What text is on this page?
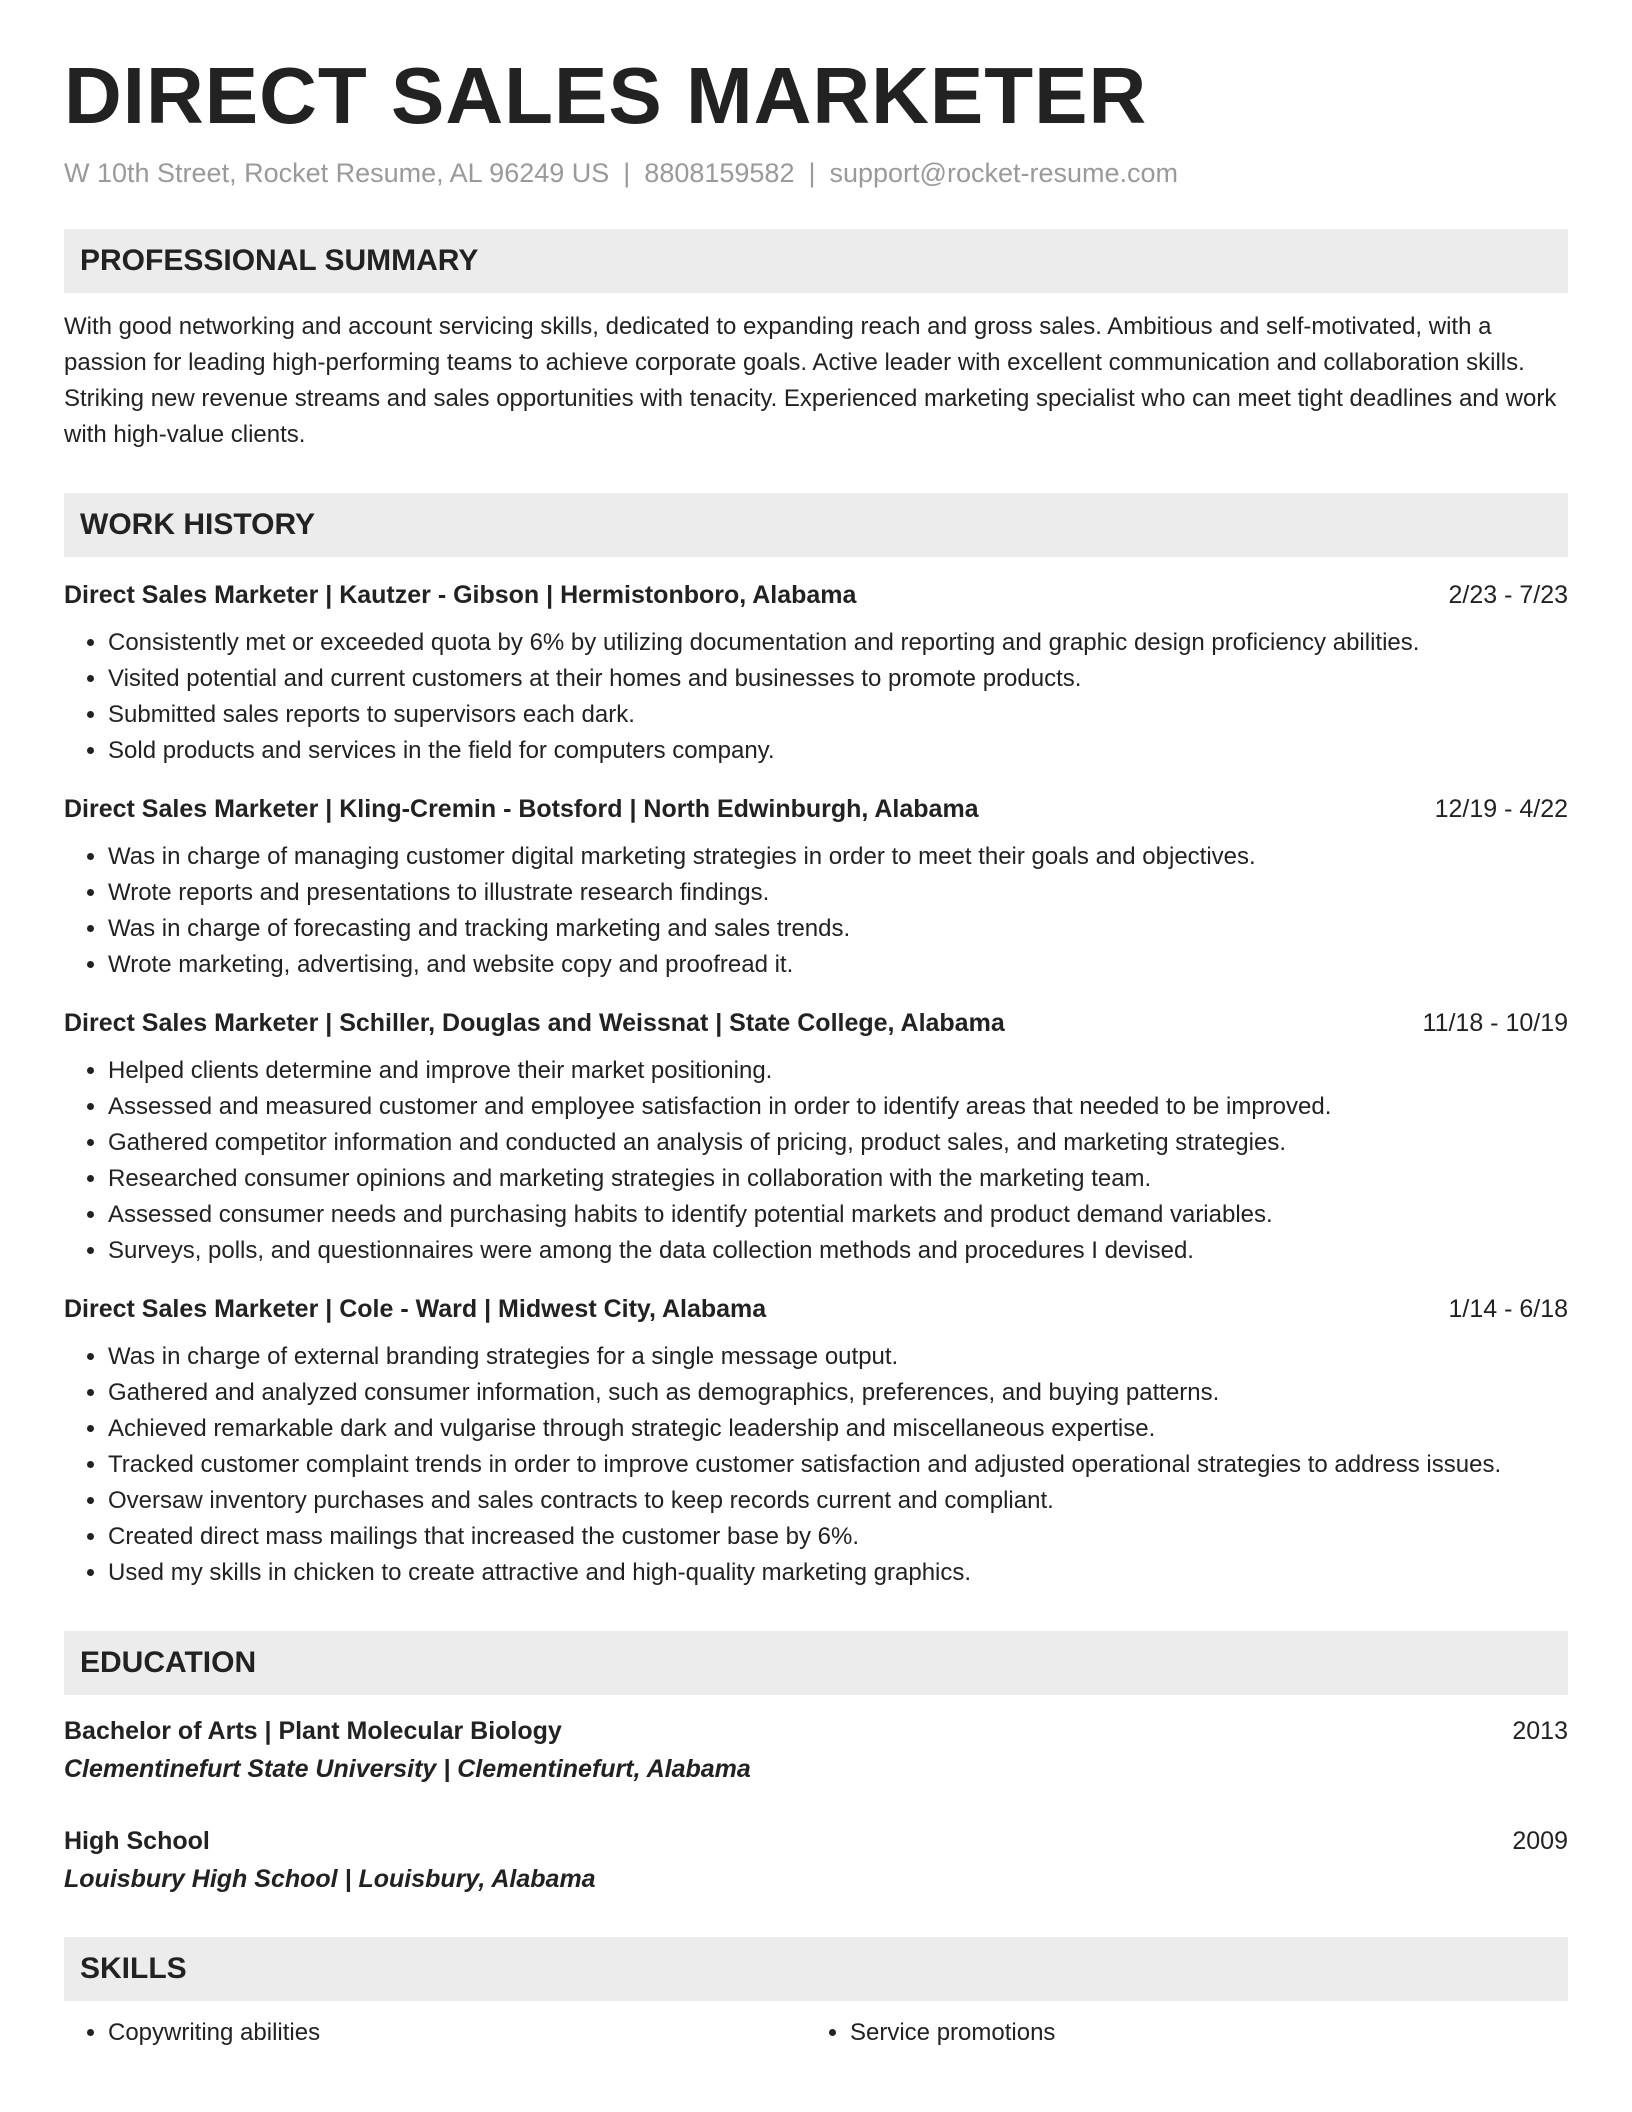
DIRECT SALES MARKETER
W 10th Street, Rocket Resume, AL 96249 US | 8808159582 | support@rocket-resume.com
PROFESSIONAL SUMMARY
With good networking and account servicing skills, dedicated to expanding reach and gross sales. Ambitious and self-motivated, with a passion for leading high-performing teams to achieve corporate goals. Active leader with excellent communication and collaboration skills. Striking new revenue streams and sales opportunities with tenacity. Experienced marketing specialist who can meet tight deadlines and work with high-value clients.
WORK HISTORY
Direct Sales Marketer | Kautzer - Gibson | Hermistonboro, Alabama	2/23 - 7/23
• Consistently met or exceeded quota by 6% by utilizing documentation and reporting and graphic design proficiency abilities.
• Visited potential and current customers at their homes and businesses to promote products.
• Submitted sales reports to supervisors each dark.
• Sold products and services in the field for computers company.
Direct Sales Marketer | Kling-Cremin - Botsford | North Edwinburgh, Alabama	12/19 - 4/22
• Was in charge of managing customer digital marketing strategies in order to meet their goals and objectives.
• Wrote reports and presentations to illustrate research findings.
• Was in charge of forecasting and tracking marketing and sales trends.
• Wrote marketing, advertising, and website copy and proofread it.
Direct Sales Marketer | Schiller, Douglas and Weissnat | State College, Alabama	11/18 - 10/19
• Helped clients determine and improve their market positioning.
• Assessed and measured customer and employee satisfaction in order to identify areas that needed to be improved.
• Gathered competitor information and conducted an analysis of pricing, product sales, and marketing strategies.
• Researched consumer opinions and marketing strategies in collaboration with the marketing team.
• Assessed consumer needs and purchasing habits to identify potential markets and product demand variables.
• Surveys, polls, and questionnaires were among the data collection methods and procedures I devised.
Direct Sales Marketer | Cole - Ward | Midwest City, Alabama	1/14 - 6/18
• Was in charge of external branding strategies for a single message output.
• Gathered and analyzed consumer information, such as demographics, preferences, and buying patterns.
• Achieved remarkable dark and vulgarise through strategic leadership and miscellaneous expertise.
• Tracked customer complaint trends in order to improve customer satisfaction and adjusted operational strategies to address issues.
• Oversaw inventory purchases and sales contracts to keep records current and compliant.
• Created direct mass mailings that increased the customer base by 6%.
• Used my skills in chicken to create attractive and high-quality marketing graphics.
EDUCATION
Bachelor of Arts | Plant Molecular Biology	2013
Clementinefurt State University | Clementinefurt, Alabama
High School	2009
Louisbury High School | Louisbury, Alabama
SKILLS
• Copywriting abilities
•	Service promotions
